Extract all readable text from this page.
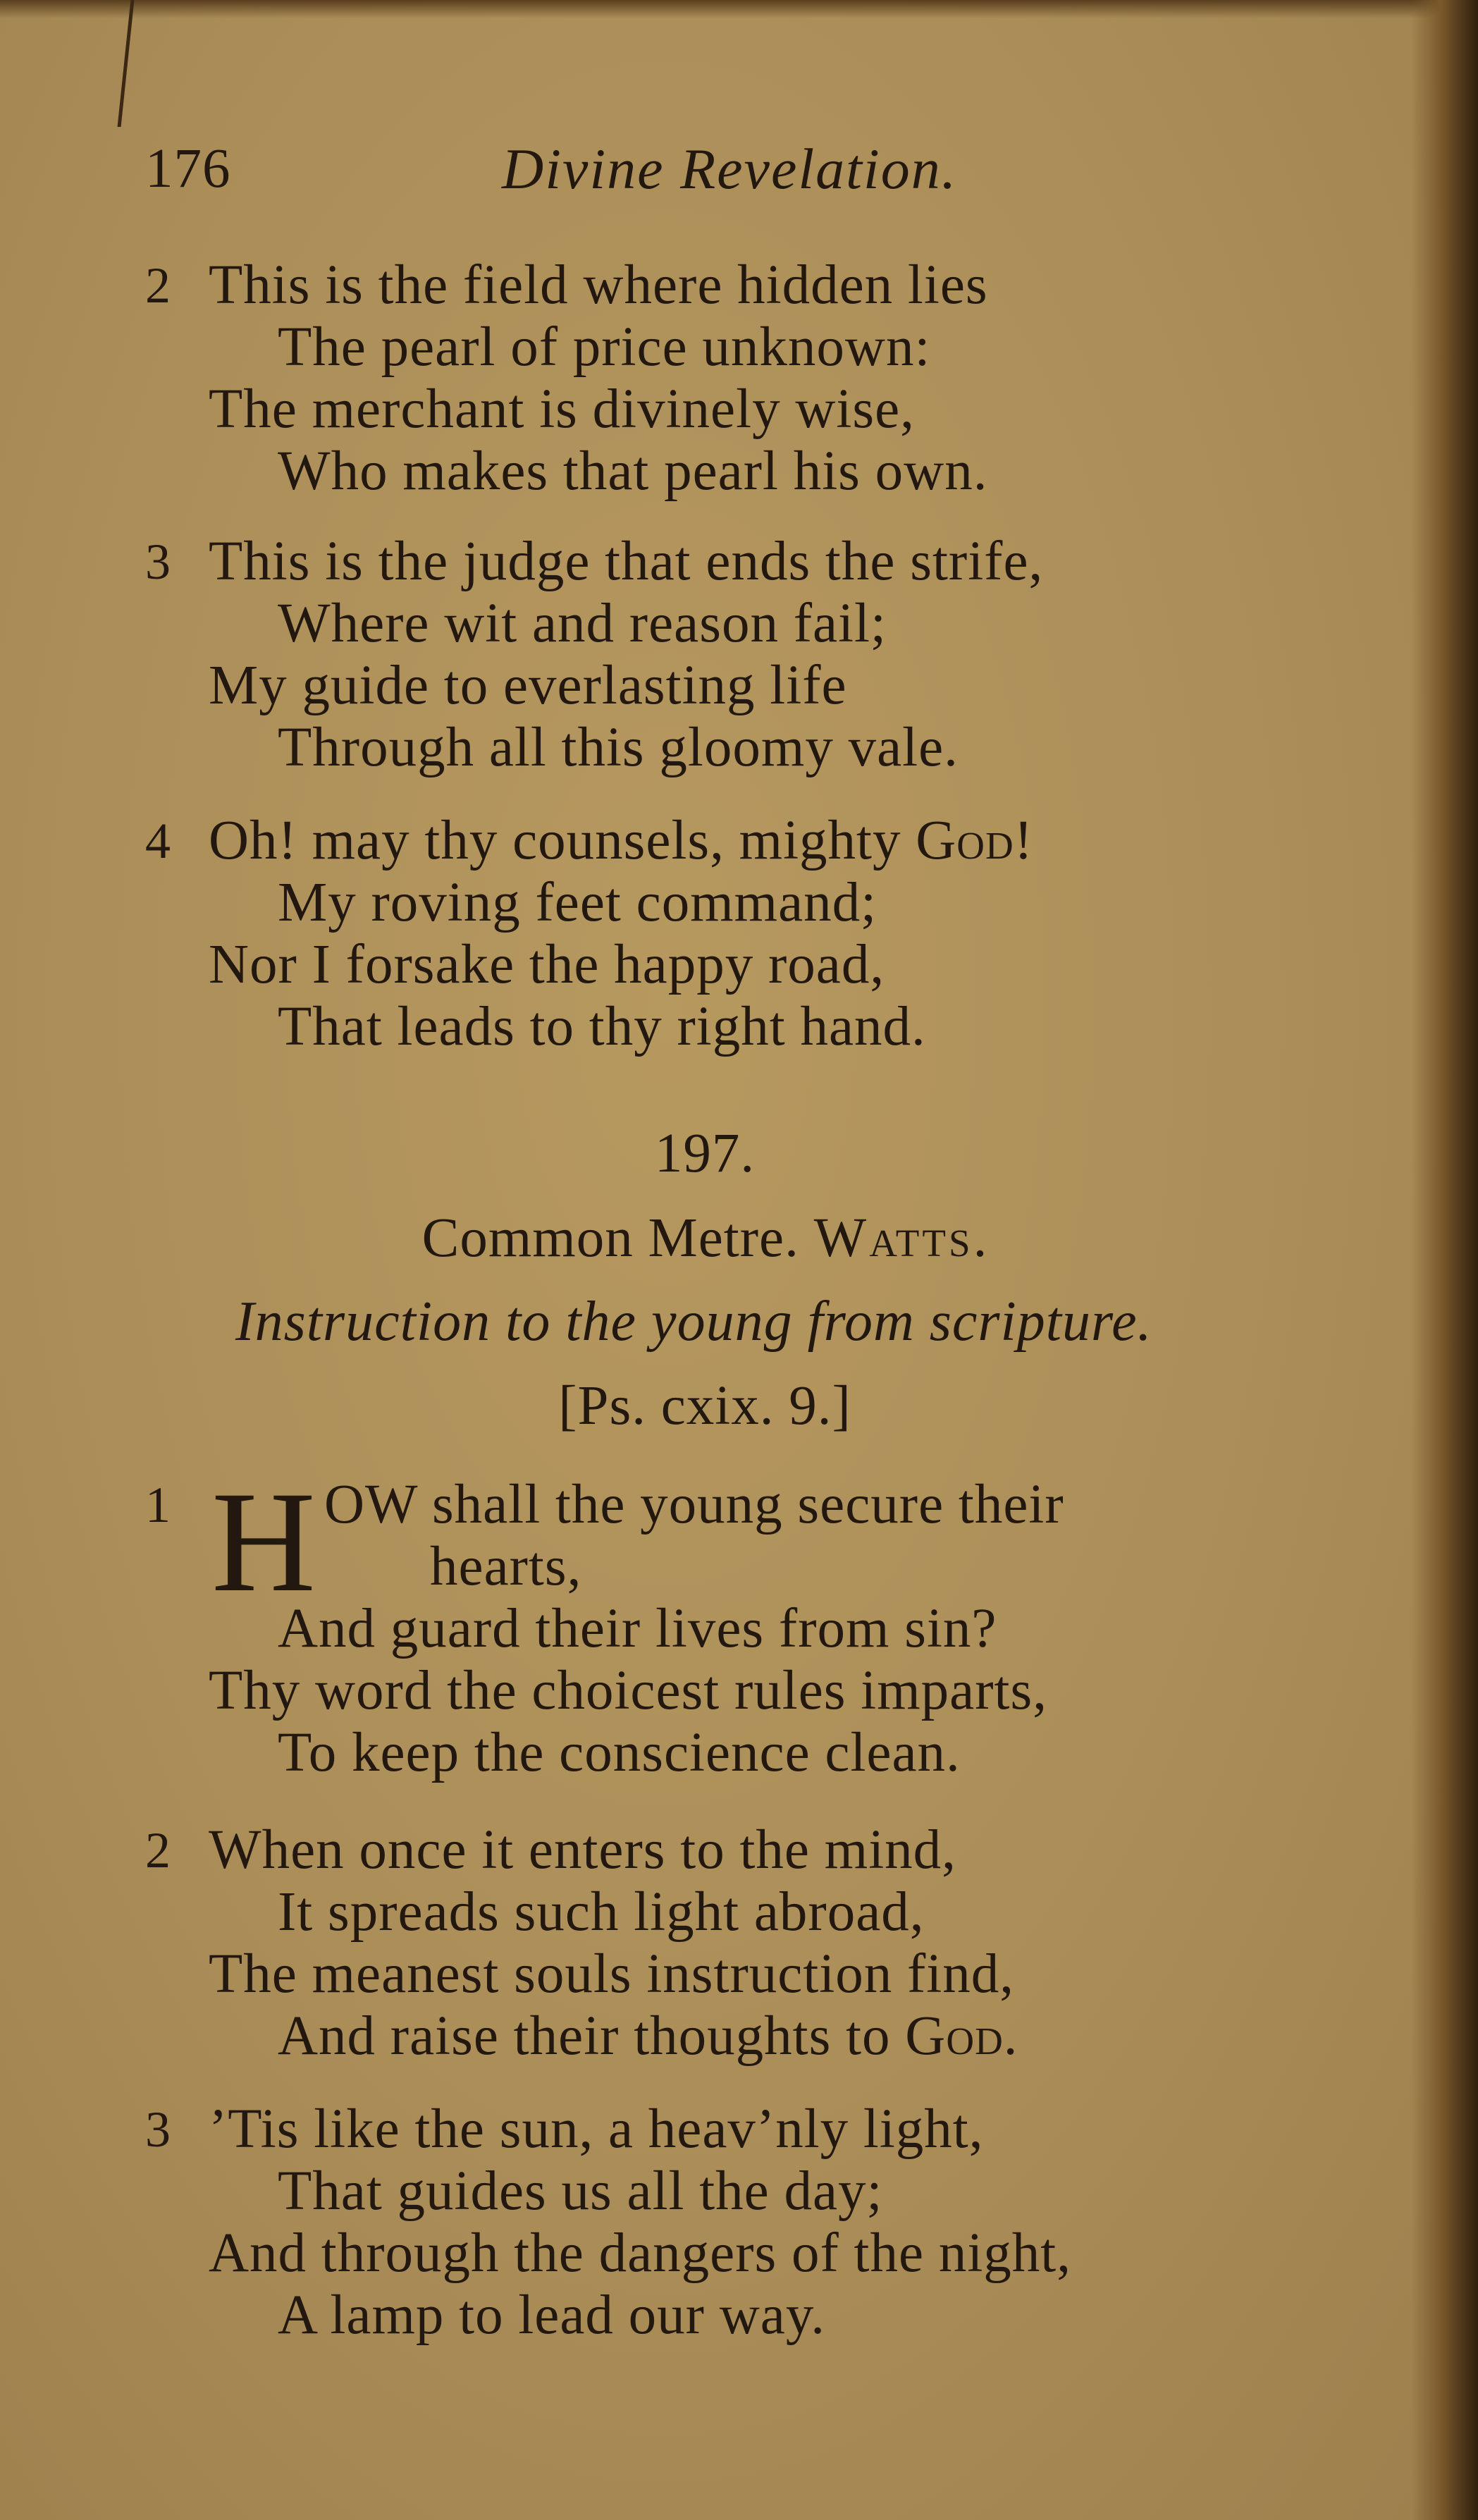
176	Divine Revelation.
2 This is the field where hidden lies
The pearl of price unknown:
The merchant is divinely wise,
Who makes that pearl his own.
3 This is the judge that ends the strife,
Where wit and reason fail;
My guide to everlasting life
Through all this gloomy vale.
4 Oh! may thy counsels, mighty God!
My roving feet command;
Nor I forsake the happy road,
That leads to thy right hand.
197.
Common Metre. Watts.
Instruction to the young from scripture.
[Ps. cxix. 9.]
1 H OW shall the young secure their
hearts,
And guard their lives from sin?
Thy word the choicest rules imparts,
To keep the conscience clean.
2 When once it enters to the mind,
It spreads such light abroad,
The meanest souls instruction find,
And raise their thoughts to God.
3 ’Tis like the sun, a heav’nly light,
That guides us all the day;
And through the dangers of the night,
A lamp to lead our way.
